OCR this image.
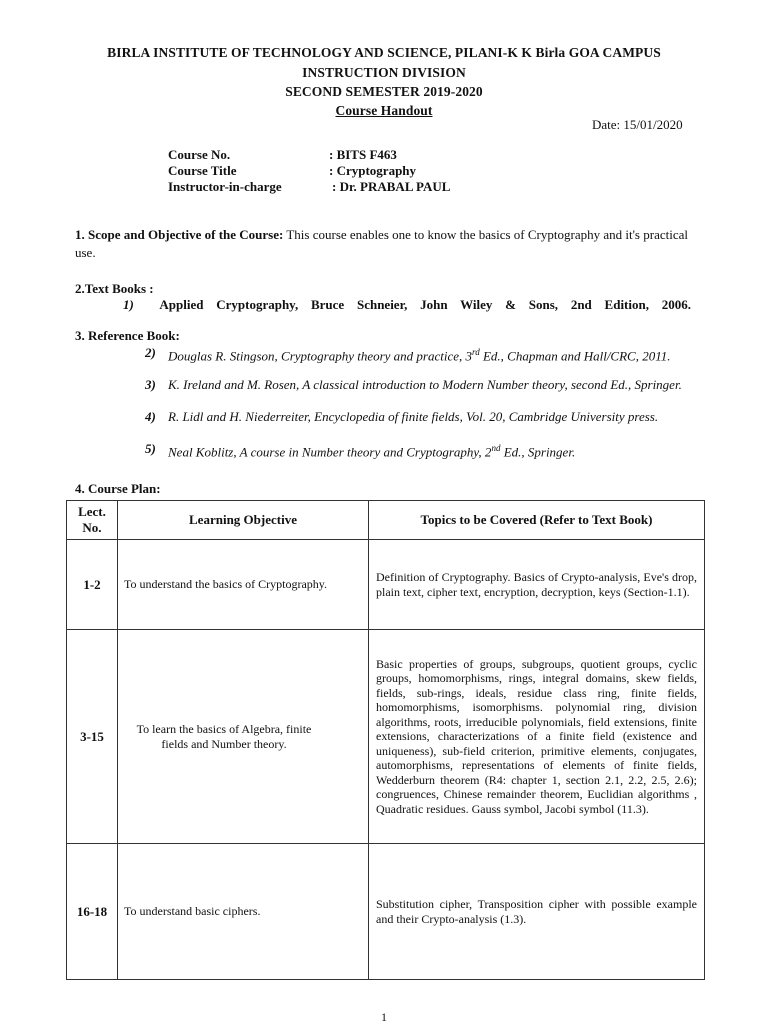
BIRLA INSTITUTE OF TECHNOLOGY AND SCIENCE, PILANI-K K Birla GOA CAMPUS
INSTRUCTION DIVISION
SECOND SEMESTER 2019-2020
Course Handout
Date: 15/01/2020
Course No.	: BITS F463
Course Title	: Cryptography
Instructor-in-charge	: Dr. PRABAL PAUL
1. Scope and Objective of the Course: This course enables one to know the basics of Cryptography and it's practical use.
2.Text Books :
1) Applied Cryptography, Bruce Schneier, John Wiley & Sons, 2nd Edition, 2006.
3. Reference Book:
2) Douglas R. Stingson, Cryptography theory and practice, 3rd Ed., Chapman and Hall/CRC, 2011.
3) K. Ireland and M. Rosen, A classical introduction to Modern Number theory, second Ed., Springer.
4) R. Lidl and H. Niederreiter, Encyclopedia of finite fields, Vol. 20, Cambridge University press.
5) Neal Koblitz, A course in Number theory and Cryptography, 2nd Ed., Springer.
4. Course Plan:
Lect. No.	Learning Objective	Topics to be Covered (Refer to Text Book)
1-2	To understand the basics of Cryptography.	Definition of Cryptography. Basics of Crypto-analysis, Eve's drop, plain text, cipher text, encryption, decryption, keys (Section-1.1).
3-15	To learn the basics of Algebra, finite fields and Number theory.	Basic properties of groups, subgroups, quotient groups, cyclic groups, homomorphisms, rings, integral domains, skew fields, fields, sub-rings, ideals, residue class ring, finite fields, homomorphisms, isomorphisms. polynomial ring, division algorithms, roots, irreducible polynomials, field extensions, finite extensions, characterizations of a finite field (existence and uniqueness), sub-field criterion, primitive elements, conjugates, automorphisms, representations of elements of finite fields, Wedderburn theorem (R4: chapter 1, section 2.1, 2.2, 2.5, 2.6); congruences, Chinese remainder theorem, Euclidian algorithms , Quadratic residues. Gauss symbol, Jacobi symbol (11.3).
16-18	To understand basic ciphers.	Substitution cipher, Transposition cipher with possible example and their Crypto-analysis (1.3).
1
